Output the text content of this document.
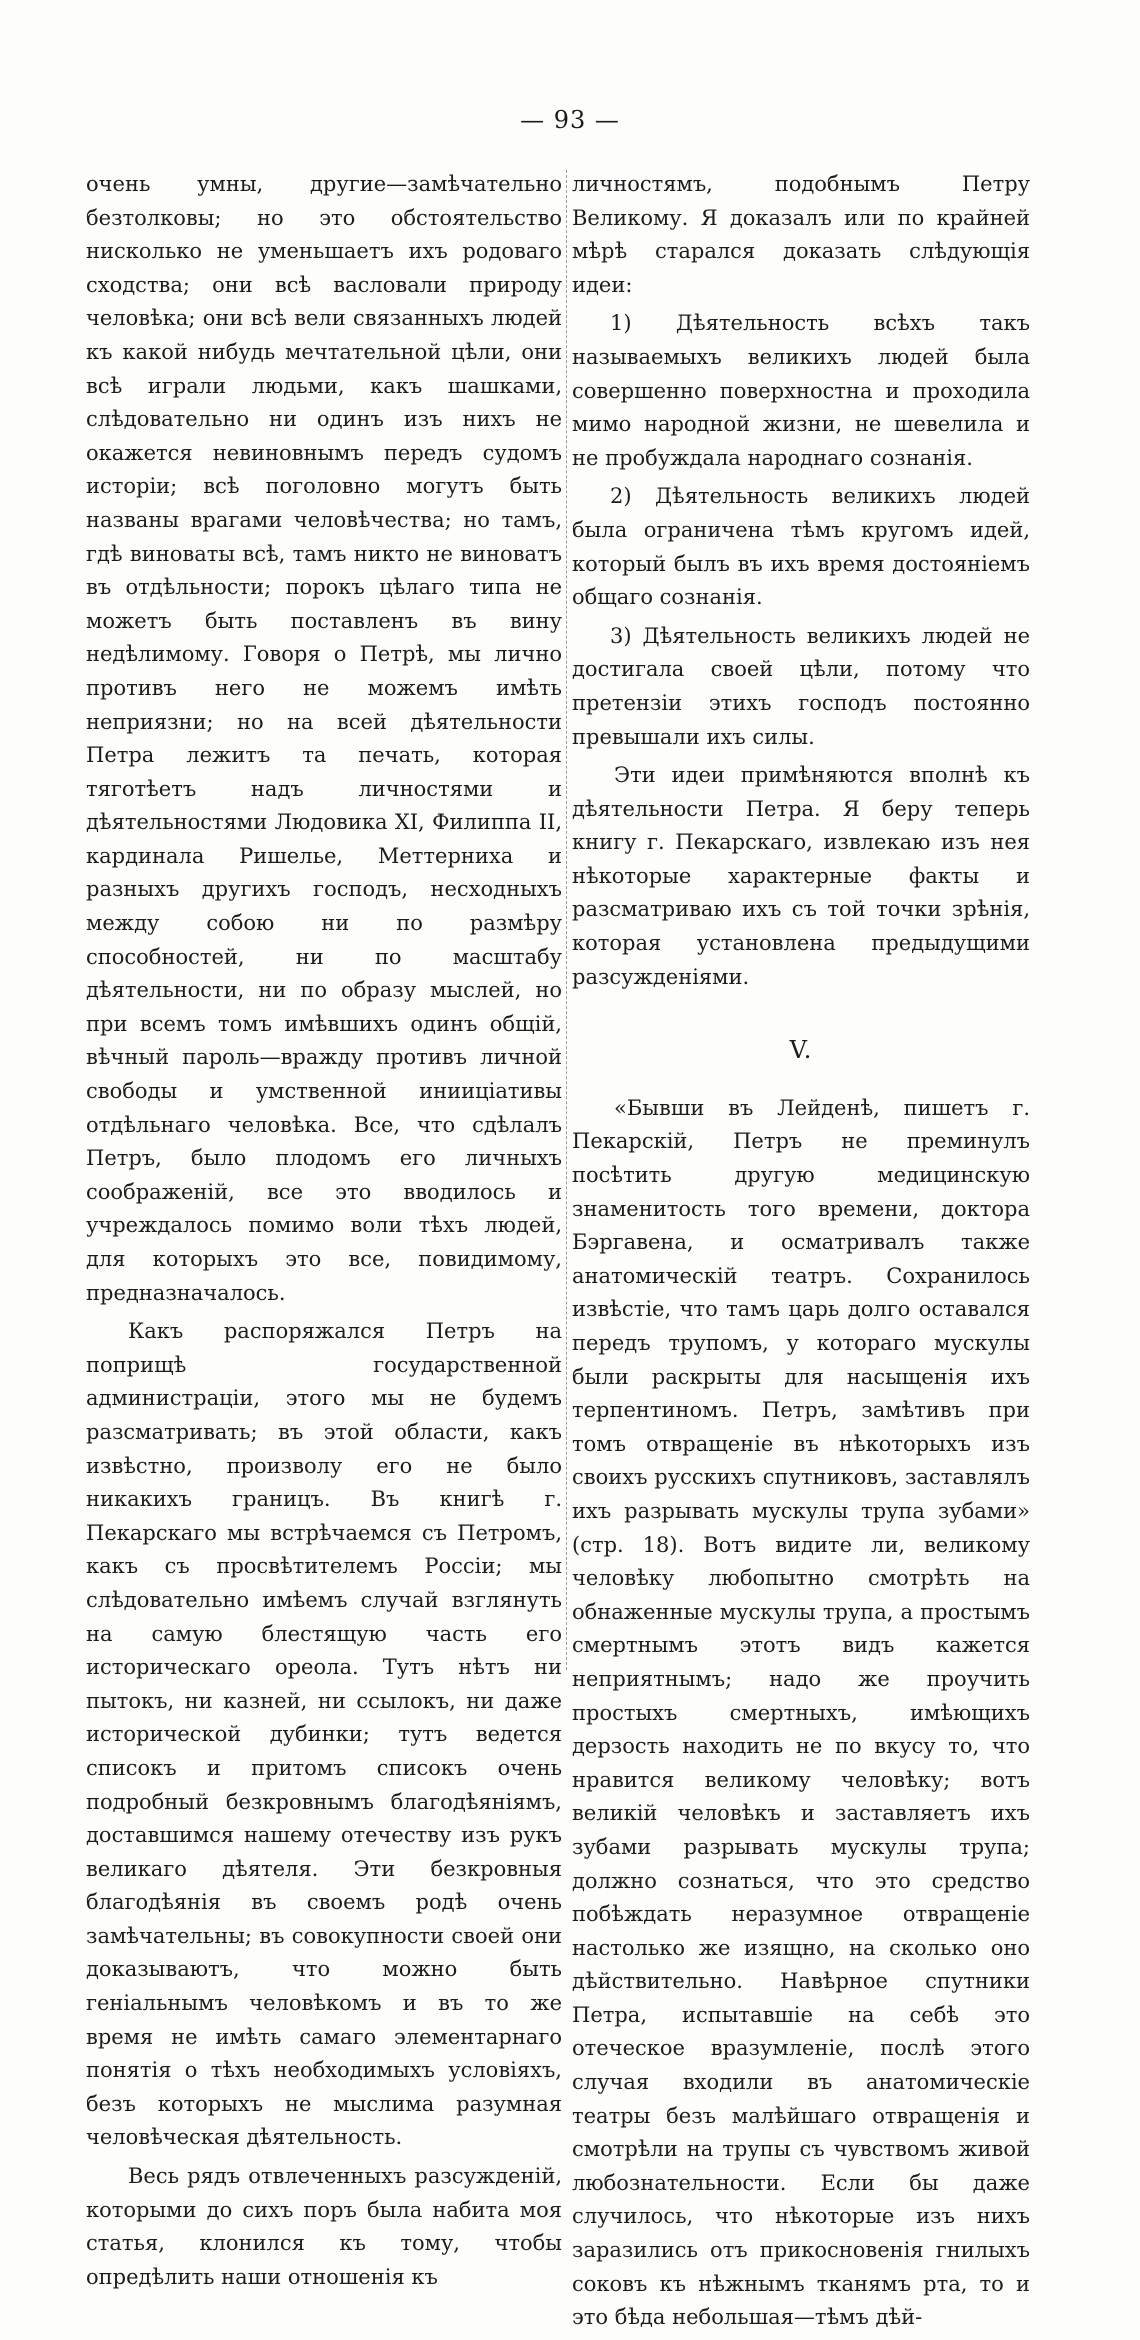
— 93 —

очень умны, другие—замѣчательно безтолковы; но это обстоятельство нисколько не уменьшаетъ ихъ родоваго сходства; они всѣ васловали природу человѣка; они всѣ вели связанныхъ людей къ какой нибудь мечтательной цѣли, они всѣ играли людьми, какъ шашками, слѣдовательно ни одинъ изъ нихъ не окажется невиновнымъ передъ судомъ исторіи; всѣ поголовно могутъ быть названы врагами человѣчества; но тамъ, гдѣ виноваты всѣ, тамъ никто не виноватъ въ отдѣльности; порокъ цѣлаго типа не можетъ быть поставленъ въ вину недѣлимому. Говоря о Петрѣ, мы лично противъ него не можемъ имѣть неприязни; но на всей дѣятельности Петра лежитъ та печать, которая тяготѣетъ надъ личностями и дѣятельностями Людовика XI, Филиппа II, кардинала Ришелье, Меттерниха и разныхъ другихъ господъ, несходныхъ между собою ни по размѣру способностей, ни по масштабу дѣятельности, ни по образу мыслей, но при всемъ томъ имѣвшихъ одинъ общій, вѣчный пароль—вражду противъ личной свободы и умственной инииціативы отдѣльнаго человѣка. Все, что сдѣлалъ Петръ, было плодомъ его личныхъ соображеній, все это вводилось и учреждалось помимо воли тѣхъ людей, для которыхъ это все, повидимому, предназначалось.

Какъ распоряжался Петръ на поприщѣ государственной администраціи, этого мы не будемъ разсматривать; въ этой области, какъ извѣстно, произволу его не было никакихъ границъ. Въ книгѣ г. Пекарскаго мы встрѣчаемся съ Петромъ, какъ съ просвѣтителемъ Россіи; мы слѣдовательно имѣемъ случай взглянуть на самую блестящую часть его историческаго ореола. Тутъ нѣтъ ни пытокъ, ни казней, ни ссылокъ, ни даже исторической дубинки; тутъ ведется списокъ и притомъ списокъ очень подробный безкровнымъ благодѣяніямъ, доставшимся нашему отечеству изъ рукъ великаго дѣятеля. Эти безкровныя благодѣянія въ своемъ родѣ очень замѣчательны; въ совокупности своей они доказываютъ, что можно быть геніальнымъ человѣкомъ и въ то же время не имѣть самаго элементарнаго понятія о тѣхъ необходимыхъ условіяхъ, безъ которыхъ не мыслима разумная человѣческая дѣятельность.

Весь рядъ отвлеченныхъ разсужденій, которыми до сихъ поръ была набита моя статья, клонился къ тому, чтобы опредѣлить наши отношенія къ

личностямъ, подобнымъ Петру Великому. Я доказалъ или по крайней мѣрѣ старался доказать слѣдующія идеи:

1) Дѣятельность всѣхъ такъ называемыхъ великихъ людей была совершенно поверхностна и проходила мимо народной жизни, не шевелила и не пробуждала народнаго сознанія.

2) Дѣятельность великихъ людей была ограничена тѣмъ кругомъ идей, который былъ въ ихъ время достояніемъ общаго сознанія.

3) Дѣятельность великихъ людей не достигала своей цѣли, потому что претензіи этихъ господъ постоянно превышали ихъ силы.

Эти идеи примѣняются вполнѣ къ дѣятельности Петра. Я беру теперь книгу г. Пекарскаго, извлекаю изъ нея нѣкоторые характерные факты и разсматриваю ихъ съ той точки зрѣнія, которая установлена предыдущими разсужденіями.

V.

«Бывши въ Лейденѣ, пишетъ г. Пекарскій, Петръ не преминулъ посѣтить другую медицинскую знаменитость того времени, доктора Бэргавена, и осматривалъ также анатомическій театръ. Сохранилось извѣстіе, что тамъ царь долго оставался передъ трупомъ, у котораго мускулы были раскрыты для насыщенія ихъ терпентиномъ. Петръ, замѣтивъ при томъ отвращеніе въ нѣкоторыхъ изъ своихъ русскихъ спутниковъ, заставлялъ ихъ разрывать мускулы трупа зубами» (стр. 18). Вотъ видите ли, великому человѣку любопытно смотрѣть на обнаженные мускулы трупа, а простымъ смертнымъ этотъ видъ кажется неприятнымъ; надо же проучить простыхъ смертныхъ, имѣющихъ дерзость находить не по вкусу то, что нравится великому человѣку; вотъ великій человѣкъ и заставляетъ ихъ зубами разрывать мускулы трупа; должно сознаться, что это средство побѣждать неразумное отвращеніе настолько же изящно, на сколько оно дѣйствительно. Навѣрное спутники Петра, испытавшіе на себѣ это отеческое вразумленіе, послѣ этого случая входили въ анатомическіе театры безъ малѣйшаго отвращенія и смотрѣли на трупы съ чувствомъ живой любознательности. Если бы даже случилось, что нѣкоторые изъ нихъ заразились отъ прикосновенія гнилыхъ соковъ къ нѣжнымъ тканямъ рта, то и это бѣда небольшая—тѣмъ дѣй-
